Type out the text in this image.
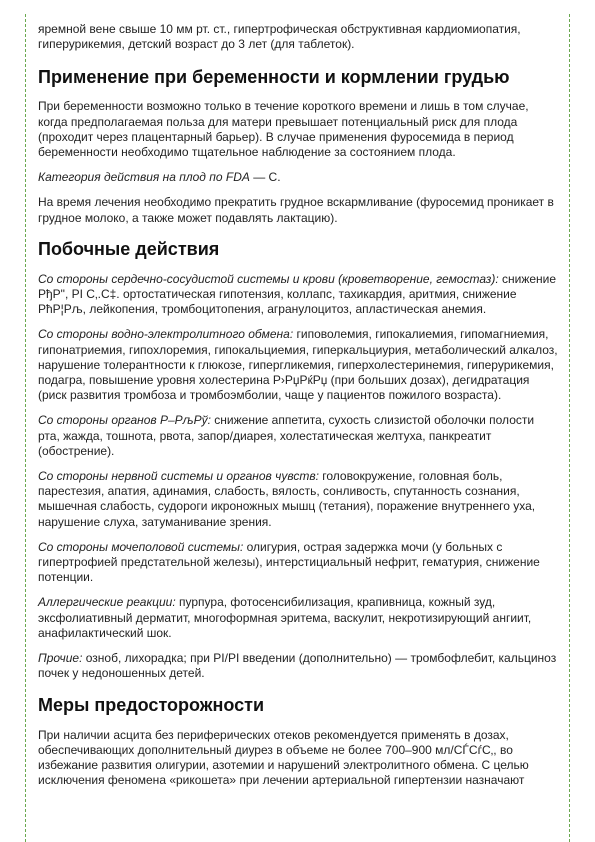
яремной вене свыше 10 мм рт. ст., гипертрофическая обструктивная кардиомиопатия, гиперурикемия, детский возраст до 3 лет (для таблеток).

Применение при беременности и кормлении грудью

При беременности возможно только в течение короткого времени и лишь в том случае, когда предполагаемая польза для матери превышает потенциальный риск для плода (проходит через плацентарный барьер). В случае применения фуросемида в период беременности необходимо тщательное наблюдение за состоянием плода.

Категория действия на плод по FDA — C.

На время лечения необходимо прекратить грудное вскармливание (фуросемид проникает в грудное молоко, а также может подавлять лактацию).

Побочные действия

Со стороны сердечно-сосудистой системы и крови (кроветворение, гемостаз): снижение РђР", РІ С‚.С‡. ортостатическая гипотензия, коллапс, тахикардия, аритмия, снижение РћР¦Рљ, лейкопения, тромбоцитопения, агранулоцитоз, апластическая анемия.

Со стороны водно-электролитного обмена: гиповолемия, гипокалиемия, гипомагниемия, гипонатриемия, гипохлоремия, гипокальциемия, гиперкальциурия, метаболический алкалоз, нарушение толерантности к глюкозе, гипергликемия, гиперхолестеринемия, гиперурикемия, подагра, повышение уровня холестерина Р›РџРќРџ (при больших дозах), дегидратация (риск развития тромбоза и тромбоэмболии, чаще у пациентов пожилого возраста).

Со стороны органов Р–РљРў: снижение аппетита, сухость слизистой оболочки полости рта, жажда, тошнота, рвота, запор/диарея, холестатическая желтуха, панкреатит (обострение).

Со стороны нервной системы и органов чувств: головокружение, головная боль, парестезия, апатия, адинамия, слабость, вялость, сонливость, спутанность сознания, мышечная слабость, судороги икроножных мышц (тетания), поражение внутреннего уха, нарушение слуха, затуманивание зрения.

Со стороны мочеполовой системы: олигурия, острая задержка мочи (у больных с гипертрофией предстательной железы), интерстициальный нефрит, гематурия, снижение потенции.

Аллергические реакции: пурпура, фотосенсибилизация, крапивница, кожный зуд, эксфолиативный дерматит, многоформная эритема, васкулит, некротизирующий ангиит, анафилактический шок.

Прочие: озноб, лихорадка; при РІ/РІ введении (дополнительно) — тромбофлебит, кальциноз почек у недоношенных детей.

Меры предосторожности

При наличии асцита без периферических отеков рекомендуется применять в дозах, обеспечивающих дополнительный диурез в объеме не более 700–900 мл/СЃСѓС‚, во избежание развития олигурии, азотемии и нарушений электролитного обмена. С целью исключения феномена «рикошета» при лечении артериальной гипертензии назначают
